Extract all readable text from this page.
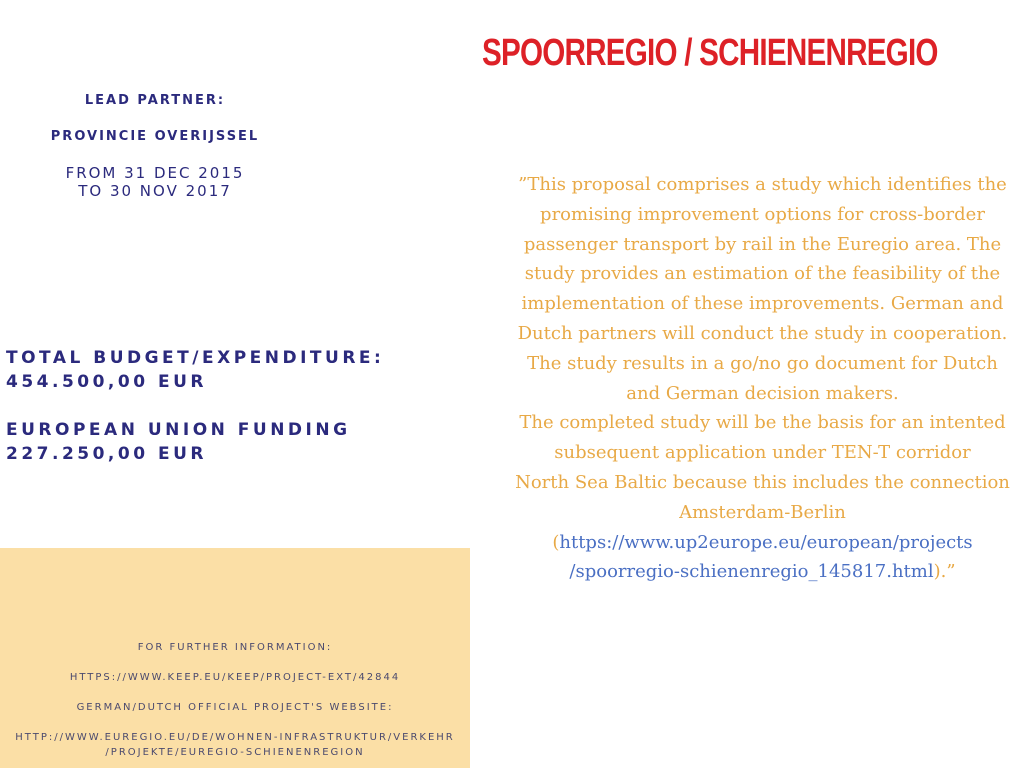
SPOORREGIO / SCHIENENREGIO
LEAD PARTNER:
PROVINCIE OVERIJSSEL
FROM 31 DEC 2015
TO 30 NOV 2017
TOTAL BUDGET/EXPENDITURE:
454.500,00 EUR
EUROPEAN UNION FUNDING
227.250,00 EUR
FOR FURTHER INFORMATION:
HTTPS://WWW.KEEP.EU/KEEP/PROJECT-EXT/42844
GERMAN/DUTCH OFFICIAL PROJECT'S WEBSITE:
HTTP://WWW.EUREGIO.EU/DE/WOHNEN-INFRASTRUKTUR/VERKEHR
/PROJEKTE/EUREGIO-SCHIENENREGION
”This proposal comprises a study which identifies the
promising improvement options for cross-border
passenger transport by rail in the Euregio area. The
study provides an estimation of the feasibility of the
implementation of these improvements. German and
Dutch partners will conduct the study in cooperation.
The study results in a go/no go document for Dutch
and German decision makers.
The completed study will be the basis for an intented
subsequent application under TEN-T corridor
North Sea Baltic because this includes the connection
Amsterdam-Berlin
(https://www.up2europe.eu/european/projects
/spoorregio-schienenregio_145817.html).”
